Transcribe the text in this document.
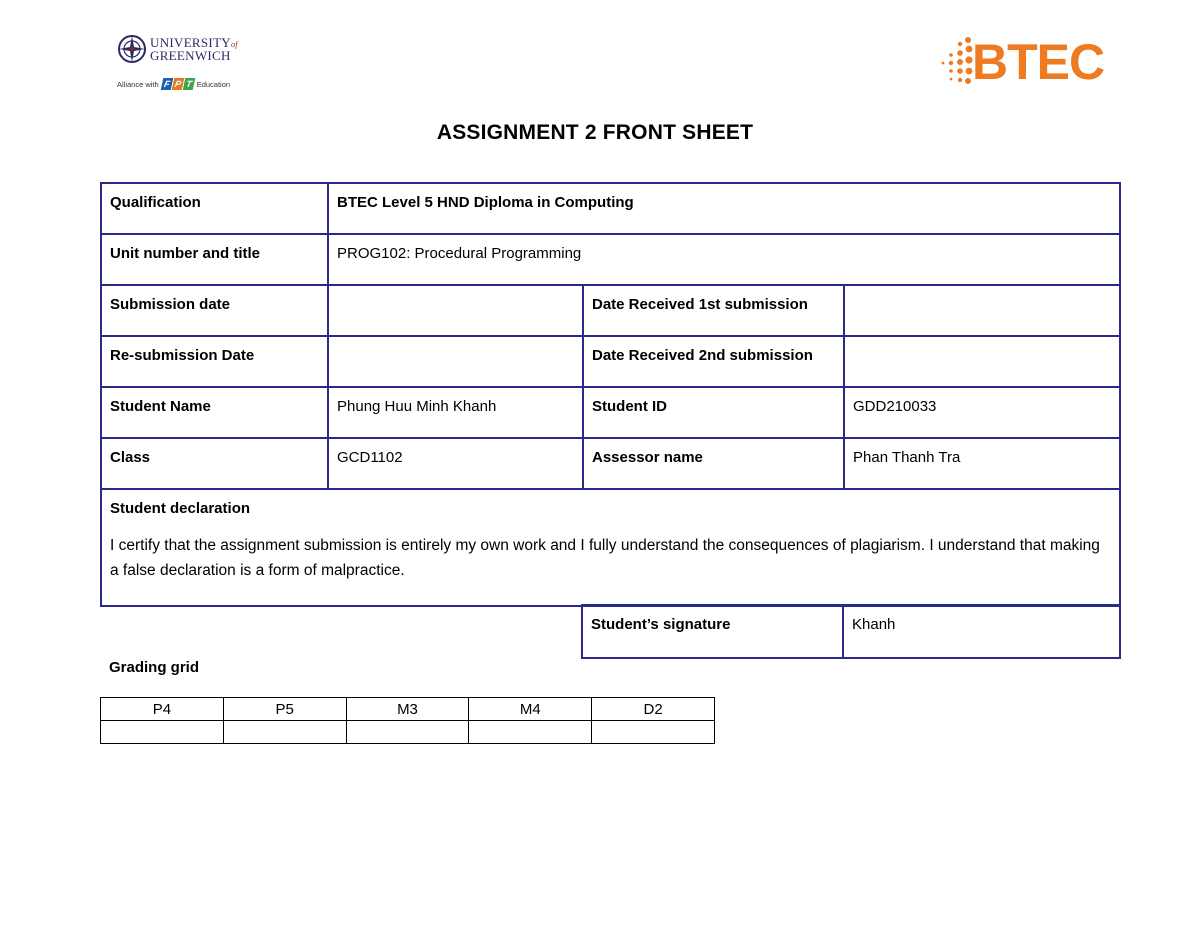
UNIVERSITYof
GREENWICH
Alliance with F P T Education	BTEC
ASSIGNMENT 2 FRONT SHEET
Qualification	BTEC Level 5 HND Diploma in Computing		
Unit number and title	PROG102: Procedural Programming		
Submission date		Date Received 1st submission	
Re-submission Date		Date Received 2nd submission	
Student Name	Phung Huu Minh Khanh	Student ID	GDD210033
Class	GCD1102	Assessor name	Phan Thanh Tra

Student declaration
I certify that the assignment submission is entirely my own work and I fully understand the consequences of plagiarism. I understand that making a false declaration is a form of malpractice.			
Student’s signature	Khanh
Grading grid
P4	P5	M3	M4	D2
